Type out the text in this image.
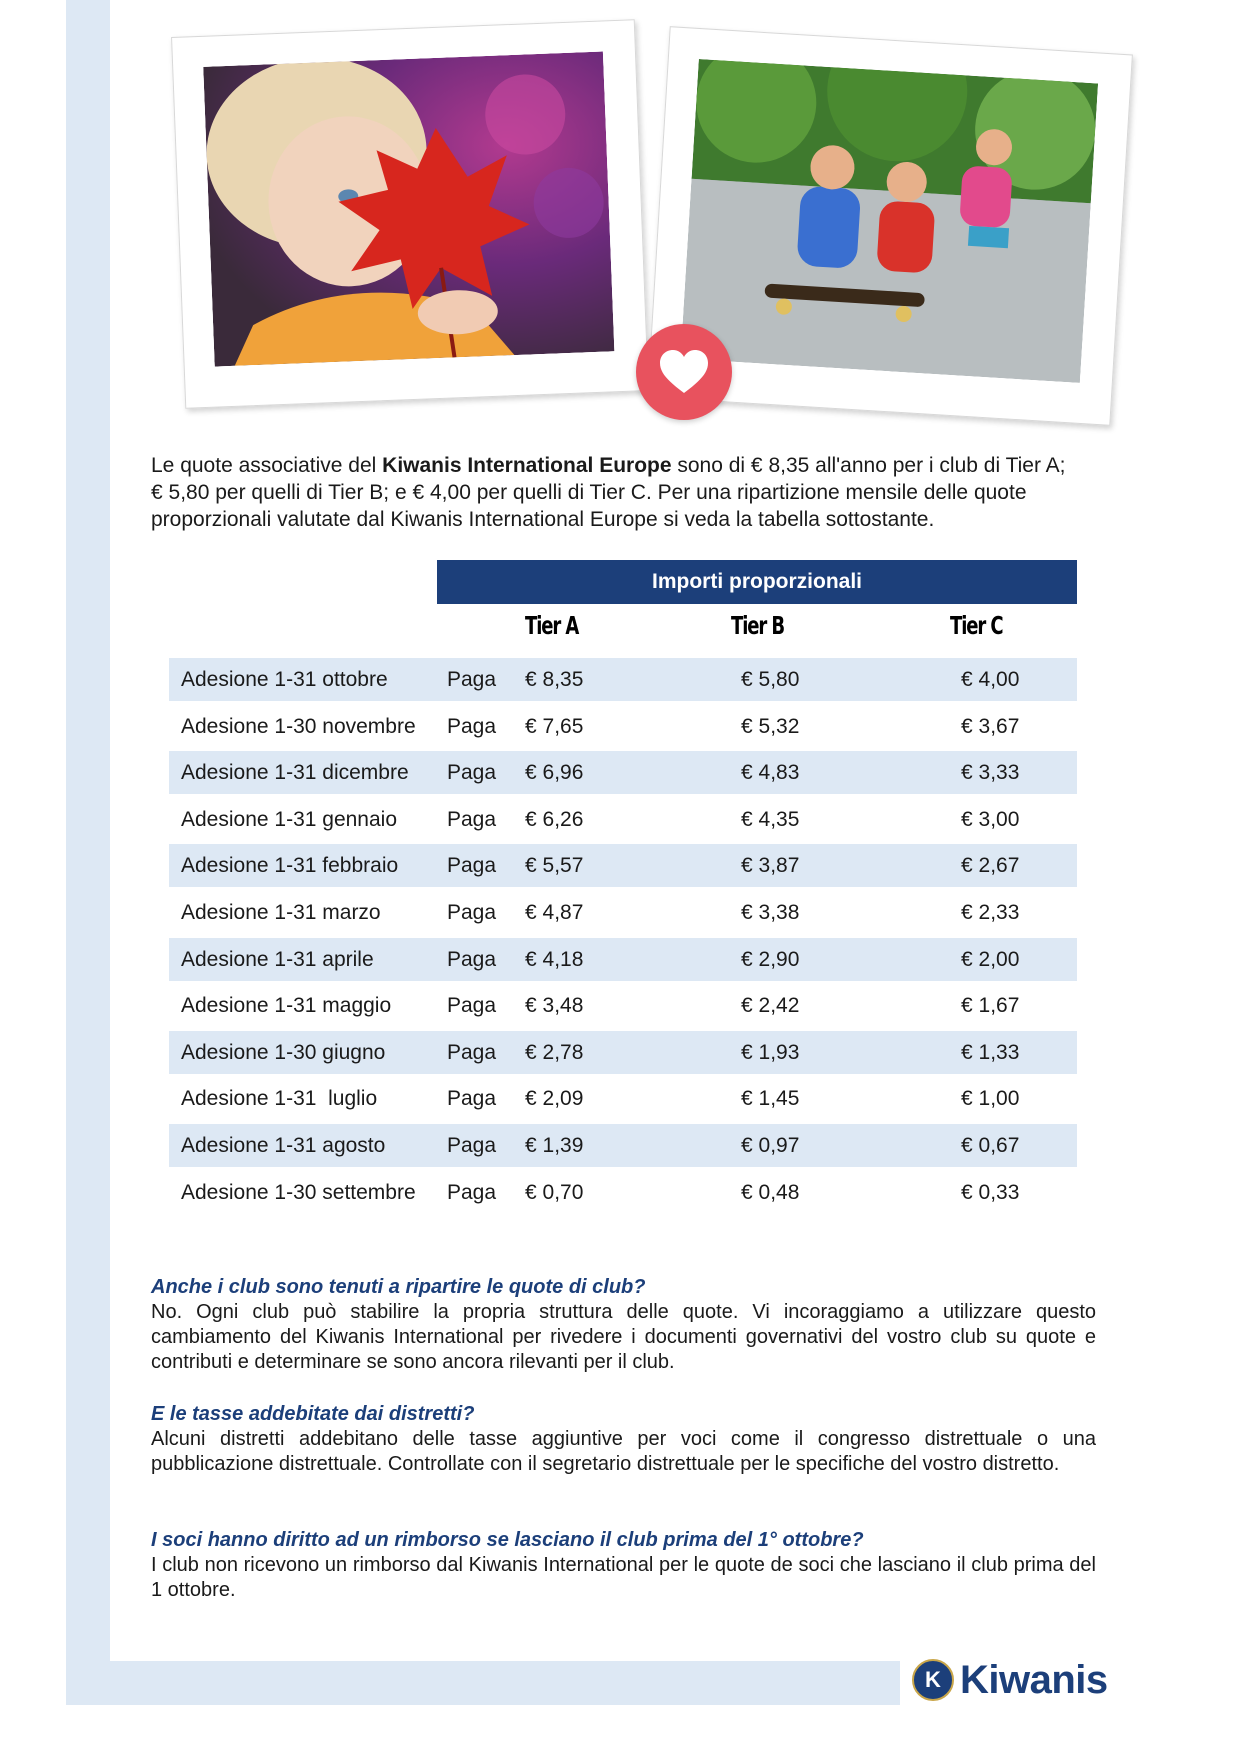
Le quote associative del Kiwanis International Europe sono di € 8,35 all'anno per i club di Tier A; € 5,80 per quelli di Tier B; e € 4,00 per quelli di Tier C. Per una ripartizione mensile delle quote proporzionali valutate dal Kiwanis International Europe si veda la tabella sottostante.
Importi proporzionali
Tier A	Tier B	Tier C
Adesione 1-31 ottobre	Paga € 8,35	€ 5,80	€ 4,00
Adesione 1-30 novembre Paga € 7,65	€ 5,32	€ 3,67
Adesione 1-31 dicembre Paga € 6,96	€ 4,83	€ 3,33
Adesione 1-31 gennaio Paga € 6,26	€ 4,35	€ 3,00
Adesione 1-31 febbraio Paga € 5,57	€ 3,87	€ 2,67
Adesione 1-31 marzo	Paga € 4,87	€ 3,38	€ 2,33
Adesione 1-31 aprile	Paga € 4,18	€ 2,90	€ 2,00
Adesione 1-31 maggio	Paga € 3,48	€ 2,42	€ 1,67
Adesione 1-30 giugno	Paga € 2,78	€ 1,93	€ 1,33
Adesione 1-31  luglio	Paga € 2,09	€ 1,45	€ 1,00
Adesione 1-31 agosto	Paga € 1,39	€ 0,97	€ 0,67
Adesione 1-30 settembre Paga € 0,70	€ 0,48	€ 0,33
Anche i club sono tenuti a ripartire le quote di club?
No. Ogni club può stabilire la propria struttura delle quote. Vi incoraggiamo a utilizzare questo cambiamento del Kiwanis International per rivedere i documenti governativi del vostro club su quote e contributi e determinare se sono ancora rilevanti per il club.
E le tasse addebitate dai distretti?
Alcuni distretti addebitano delle tasse aggiuntive per voci come il congresso distrettuale o una pubblicazione distrettuale. Controllate con il segretario distrettuale per le specifiche del vostro distretto.
I soci hanno diritto ad un rimborso se lasciano il club prima del 1° ottobre?
I club non ricevono un rimborso dal Kiwanis International per le quote de soci che lasciano il club prima del 1 ottobre.
K Kiwanis
